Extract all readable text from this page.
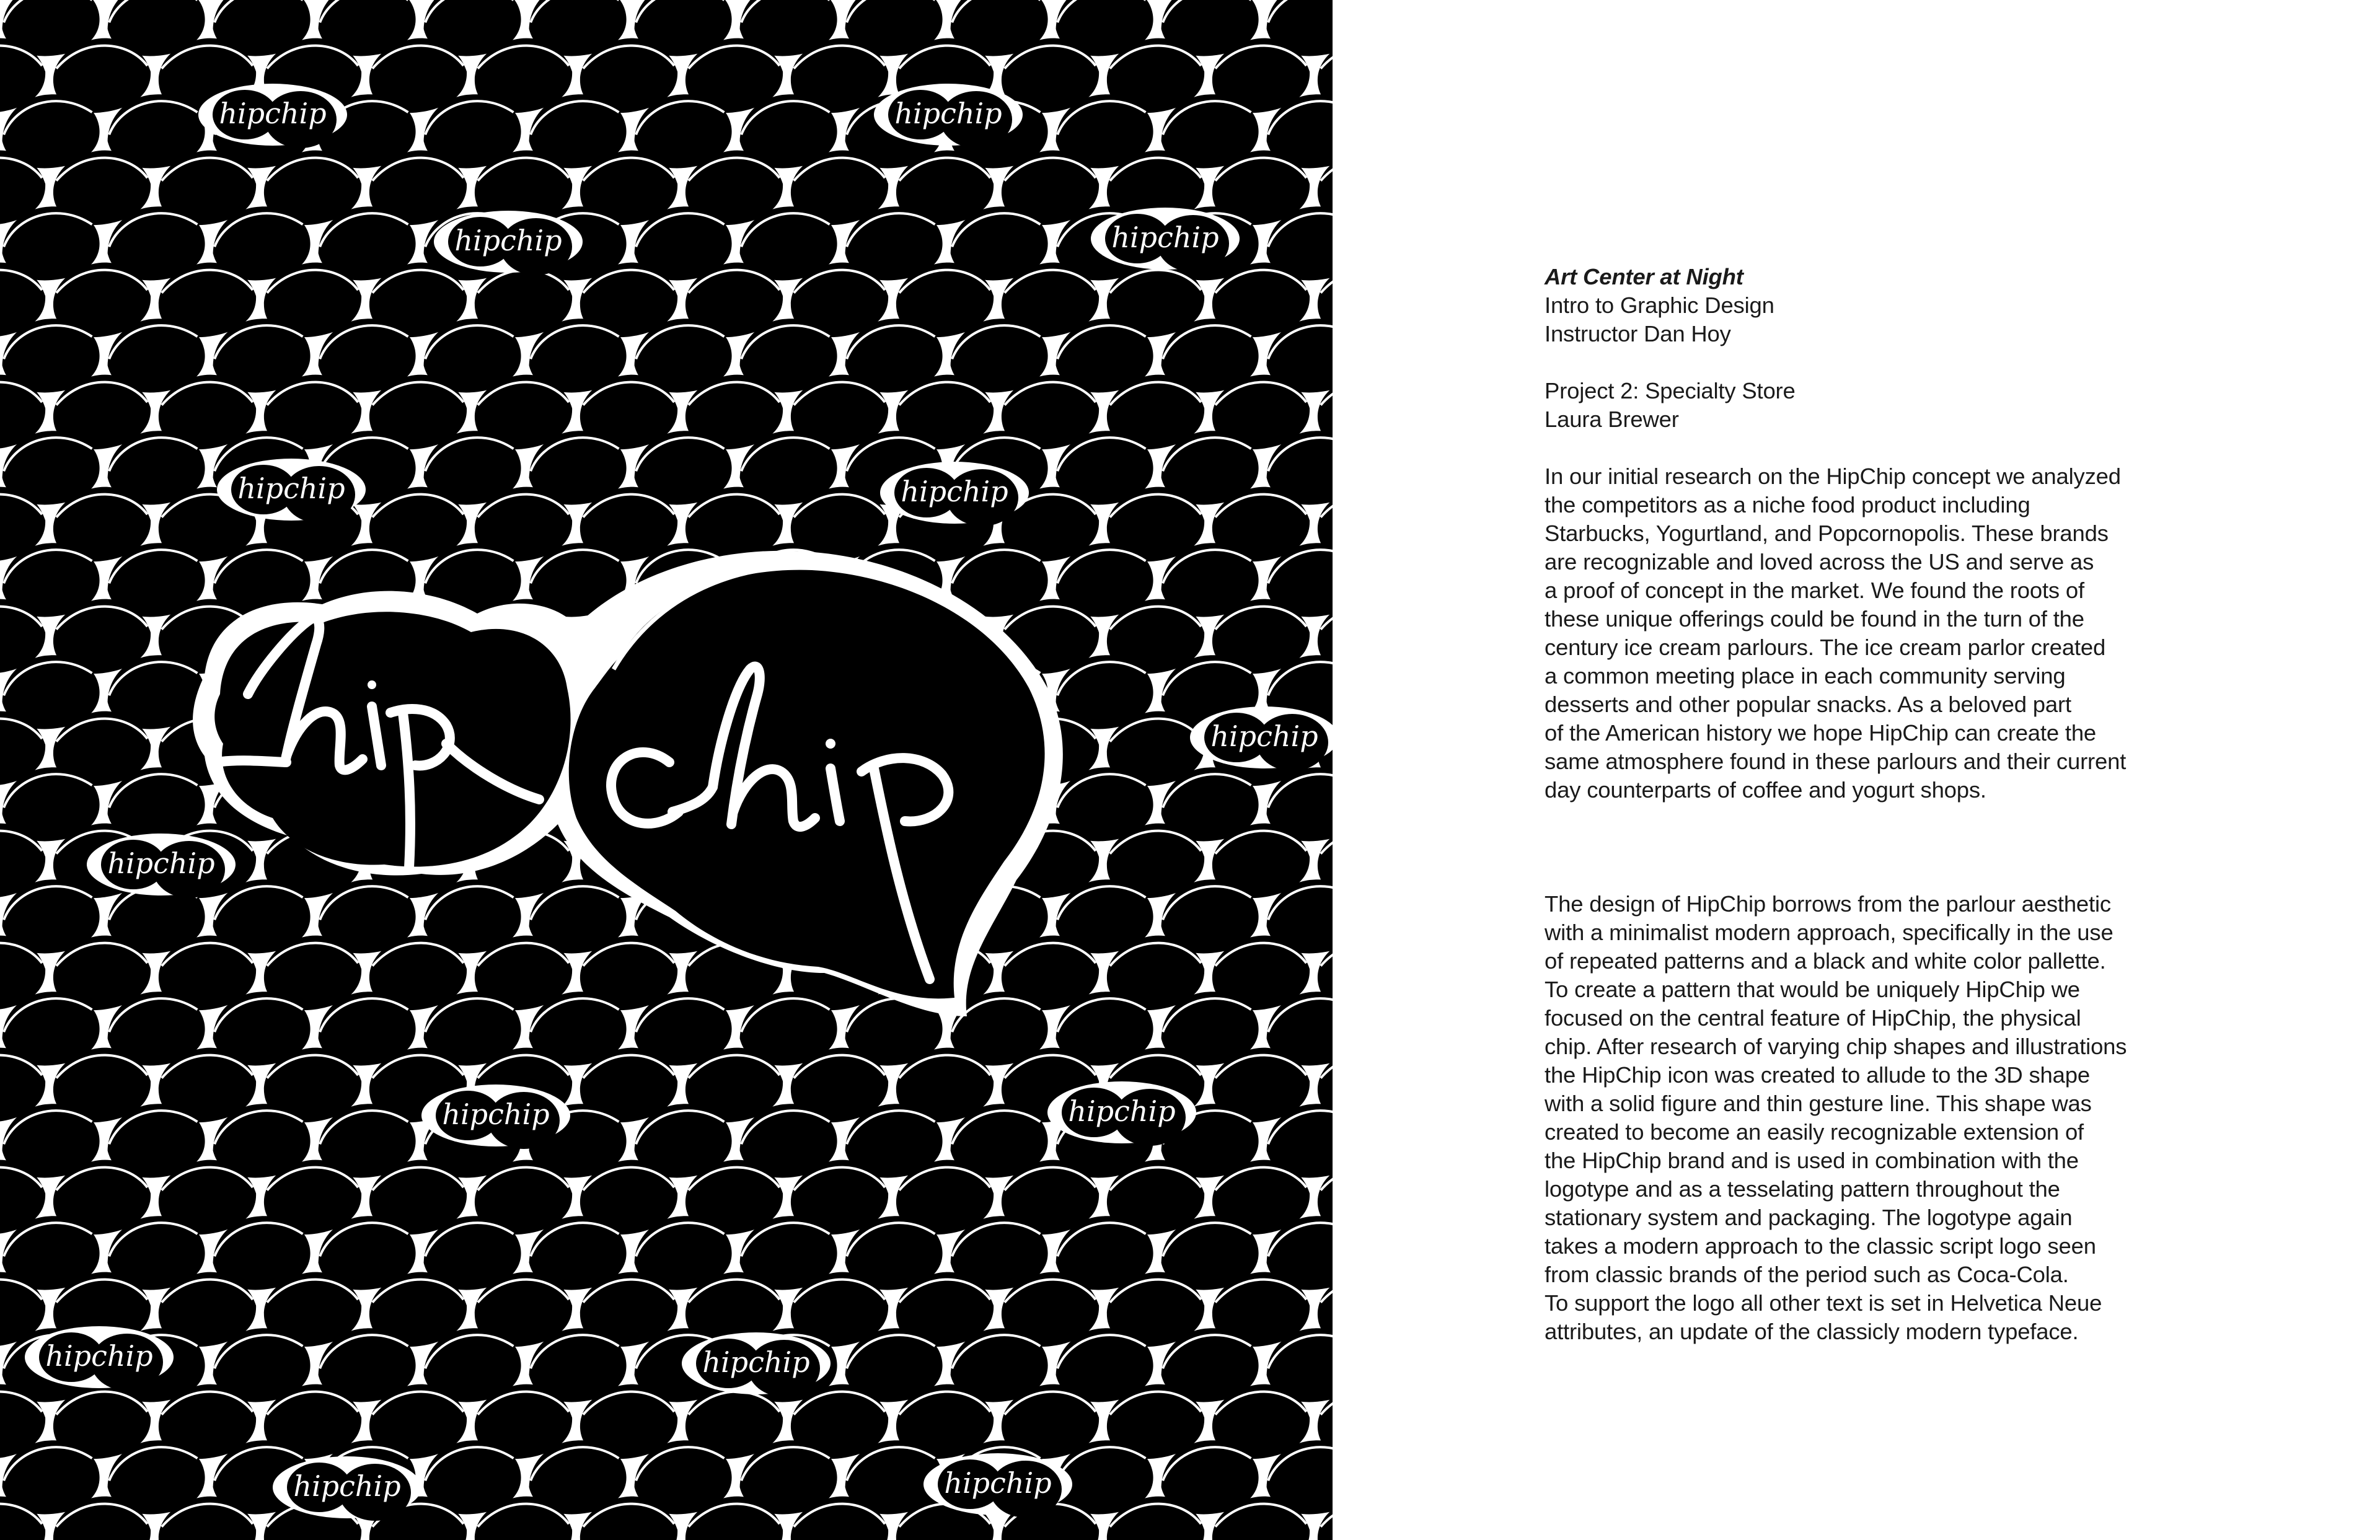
hipchip	hipchip
hipchip	hipchip
hipchip	hipchip
hipchip
hipchip
hipchip	hipchip
hipchip	hipchip
hipchip	hipchip

Art Center at Night

Intro to Graphic Design

Instructor Dan Hoy

Project 2: Specialty Store

Laura Brewer

In our initial research on the HipChip concept we analyzed

the competitors as a niche food product including

Starbucks, Yogurtland, and Popcornopolis. These brands

are recognizable and loved across the US and serve as

a proof of concept in the market. We found the roots of

these unique offerings could be found in the turn of the

century ice cream parlours. The ice cream parlor created

a common meeting place in each community serving

desserts and other popular snacks. As a beloved part

of the American history we hope HipChip can create the

same atmosphere found in these parlours and their current

day counterparts of coffee and yogurt shops.

The design of HipChip borrows from the parlour aesthetic

with a minimalist modern approach, specifically in the use

of repeated patterns and a black and white color pallette.

To create a pattern that would be uniquely HipChip we

focused on the central feature of HipChip, the physical

chip. After research of varying chip shapes and illustrations

the HipChip icon was created to allude to the 3D shape

with a solid figure and thin gesture line. This shape was

created to become an easily recognizable extension of

the HipChip brand and is used in combination with the

logotype and as a tesselating pattern throughout the

stationary system and packaging. The logotype again

takes a modern approach to the classic script logo seen

from classic brands of the period such as Coca-Cola.

To support the logo all other text is set in Helvetica Neue

attributes, an update of the classicly modern typeface.
